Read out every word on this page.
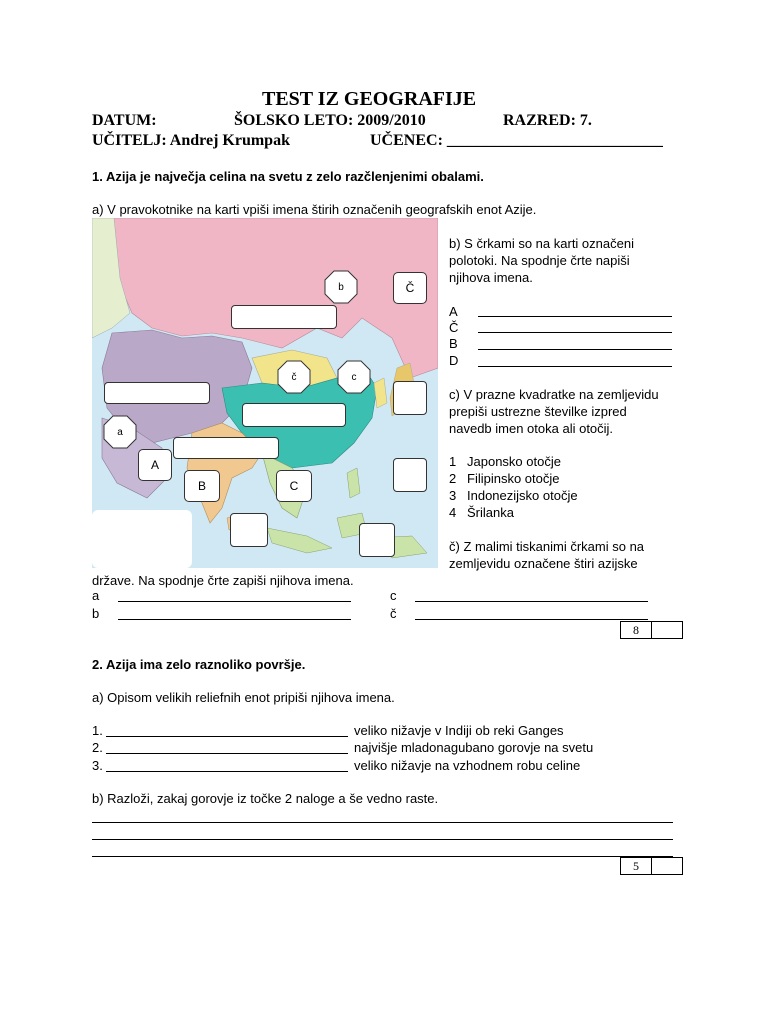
TEST IZ GEOGRAFIJE
DATUM:	ŠOLSKO LETO: 2009/2010	RAZRED: 7.
UČITELJ: Andrej Krumpak	UČENEC: ___________________________
1. Azija je največja celina na svetu z zelo razčlenjenimi obalami.
a) V pravokotnike na karti vpiši imena štirih označenih geografskih enot Azije.
A
B	C
Č
b
č	c
a
b) S črkami so na karti označeni
polotoki. Na spodnje črte napiši
njihova imena.
A
Č
B
D
c) V prazne kvadratke na zemljevidu
prepiši ustrezne številke izpred
navedb imen otoka ali otočij.
1 Japonsko otočje
2 Filipinsko otočje
3 Indonezijsko otočje
4 Šrilanka
č) Z malimi tiskanimi črkami so na
zemljevidu označene štiri azijske
države. Na spodnje črte zapiši njihova imena.
a	c
b	č
8
2. Azija ima zelo raznoliko površje.
a) Opisom velikih reliefnih enot pripiši njihova imena.
1.	veliko nižavje v Indiji ob reki Ganges
2.	najvišje mladonagubano gorovje na svetu
3.	veliko nižavje na vzhodnem robu celine
b) Razloži, zakaj gorovje iz točke 2 naloge a še vedno raste.
5
